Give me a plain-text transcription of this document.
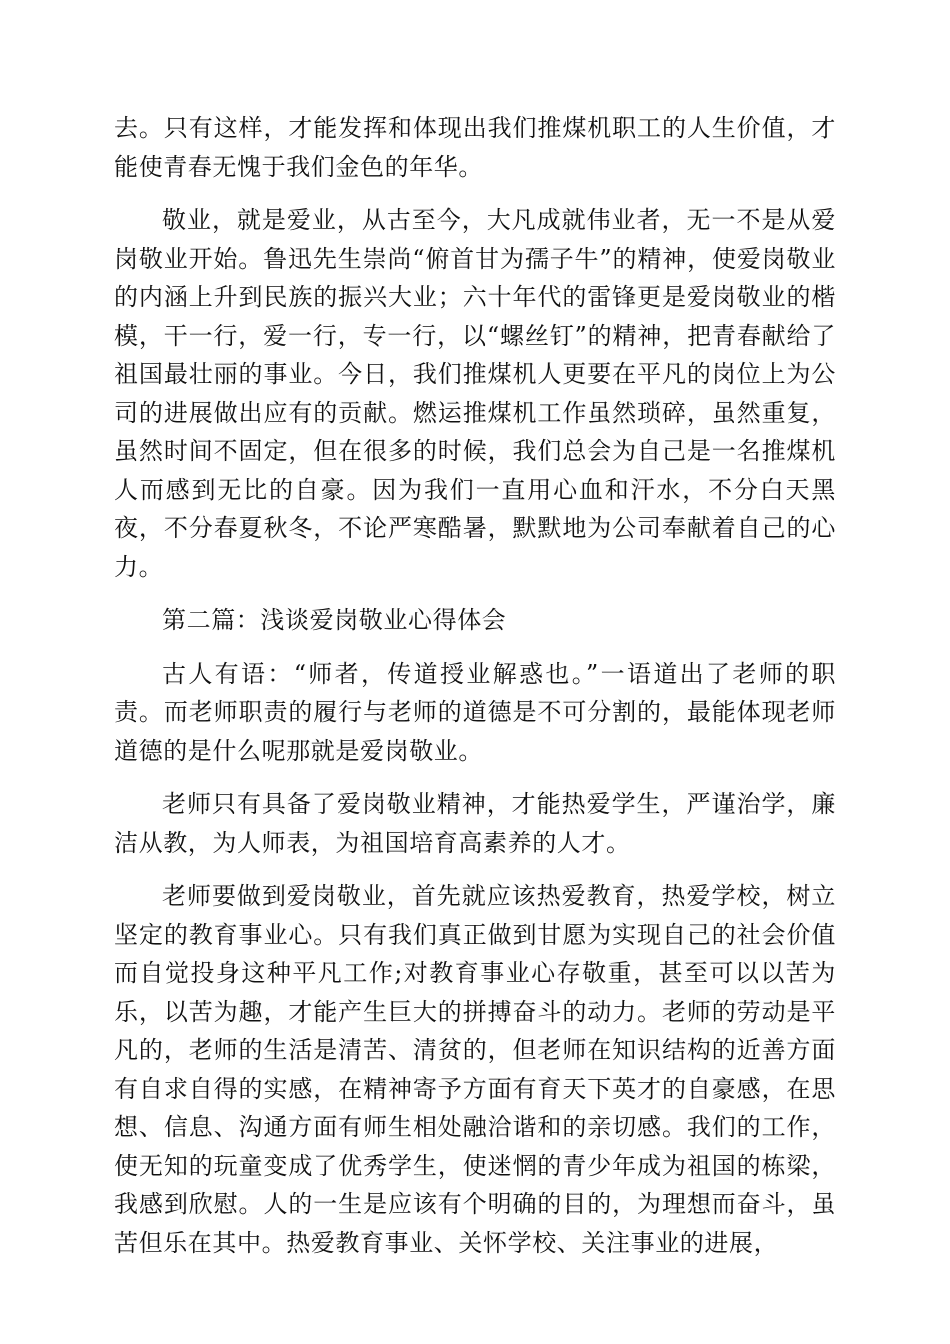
去。只有这样，才能发挥和体现出我们推煤机职工的人生价值，才能使青春无愧于我们金色的年华。

敬业，就是爱业，从古至今，大凡成就伟业者，无一不是从爱岗敬业开始。鲁迅先生崇尚“俯首甘为孺子牛”的精神，使爱岗敬业的内涵上升到民族的振兴大业；六十年代的雷锋更是爱岗敬业的楷模，干一行，爱一行，专一行，以“螺丝钉”的精神，把青春献给了祖国最壮丽的事业。今日，我们推煤机人更要在平凡的岗位上为公司的进展做出应有的贡献。燃运推煤机工作虽然琐碎，虽然重复，虽然时间不固定，但在很多的时候，我们总会为自己是一名推煤机人而感到无比的自豪。因为我们一直用心血和汗水，不分白天黑夜，不分春夏秋冬，不论严寒酷暑，默默地为公司奉献着自己的心力。

第二篇：浅谈爱岗敬业心得体会

古人有语：“师者，传道授业解惑也。”一语道出了老师的职责。而老师职责的履行与老师的道德是不可分割的，最能体现老师道德的是什么呢那就是爱岗敬业。

老师只有具备了爱岗敬业精神，才能热爱学生，严谨治学，廉洁从教，为人师表，为祖国培育高素养的人才。

老师要做到爱岗敬业，首先就应该热爱教育，热爱学校，树立坚定的教育事业心。只有我们真正做到甘愿为实现自己的社会价值而自觉投身这种平凡工作;对教育事业心存敬重，甚至可以以苦为乐，以苦为趣，才能产生巨大的拼搏奋斗的动力。老师的劳动是平凡的，老师的生活是清苦、清贫的，但老师在知识结构的近善方面有自求自得的实感，在精神寄予方面有育天下英才的自豪感，在思想、信息、沟通方面有师生相处融洽谐和的亲切感。我们的工作，使无知的玩童变成了优秀学生，使迷惘的青少年成为祖国的栋梁，我感到欣慰。人的一生是应该有个明确的目的，为理想而奋斗，虽苦但乐在其中。热爱教育事业、关怀学校、关注事业的进展，
